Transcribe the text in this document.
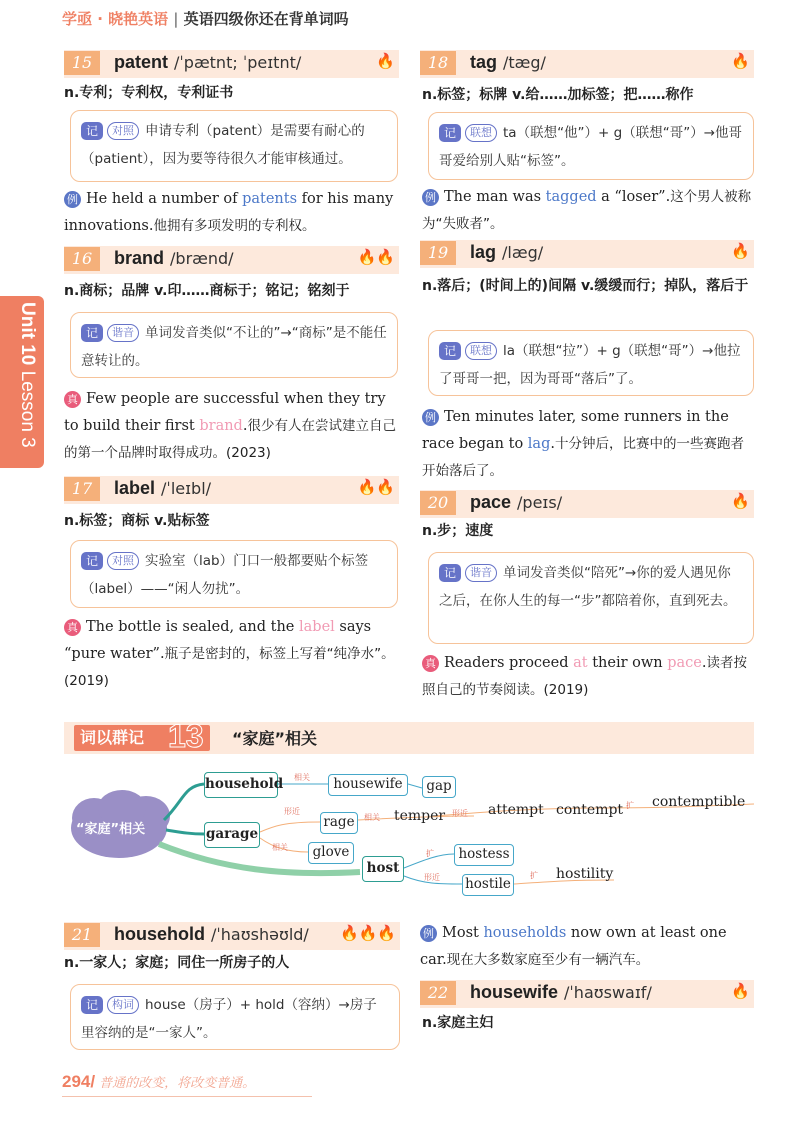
学亟 · 晓艳英语 | 英语四级你还在背单词吗
Unit 10 Lesson 3
15	patent /ˈpætnt; ˈpeɪtnt/	🔥
n.专利；专利权，专利证书
记 对照 申请专利（patent）是需要有耐心的（patient），因为要等待很久才能审核通过。
例 He held a number of patents for his many innovations.他拥有多项发明的专利权。
16	brand /brænd/	🔥🔥
n.商标；品牌 v.印……商标于；铭记；铭刻于
记 谐音 单词发音类似“不让的”→“商标”是不能任意转让的。
真 Few people are successful when they try to build their first brand.很少有人在尝试建立自己的第一个品牌时取得成功。(2023)
17	label /ˈleɪbl/	🔥🔥
n.标签；商标 v.贴标签
记 对照 实验室（lab）门口一般都要贴个标签（label）——“闲人勿扰”。
真 The bottle is sealed, and the label says “pure water”.瓶子是密封的，标签上写着“纯净水”。(2019)
18	tag /tæg/	🔥
n.标签；标牌 v.给……加标签；把……称作
记 联想 ta（联想“他”）+ g（联想“哥”）→他哥哥爱给别人贴“标签”。
例 The man was tagged a “loser”.这个男人被称为“失败者”。
19	lag /læg/	🔥
n.落后；(时间上的)间隔 v.缓缓而行；掉队，落后于
记 联想 la（联想“拉”）+ g（联想“哥”）→他拉了哥哥一把，因为哥哥“落后”了。
例 Ten minutes later, some runners in the race began to lag.十分钟后，比赛中的一些赛跑者开始落后了。
20	pace /peɪs/	🔥
n.步；速度
记 谐音 单词发音类似“陪死”→你的爱人遇见你之后，在你人生的每一“步”都陪着你，直到死去。
真 Readers proceed at their own pace.读者按照自己的节奏阅读。(2019)
词以群记 13 “家庭”相关
“家庭”相关
household 相关	housewife	gap
garage
形近
rage	相关 temper 形近 attempt contempt 扩 contemptible
相关	glove
host
扩	hostess
形近 hostile
扩 hostility
21	household /ˈhaʊshəʊld/ 🔥🔥🔥
n.一家人；家庭；同住一所房子的人
记 构词 house（房子）+ hold（容纳）→房子里容纳的是“一家人”。
例 Most households now own at least one car.现在大多数家庭至少有一辆汽车。
22	housewife /ˈhaʊswaɪf/	🔥
n.家庭主妇
294/ 普通的改变，将改变普通。
